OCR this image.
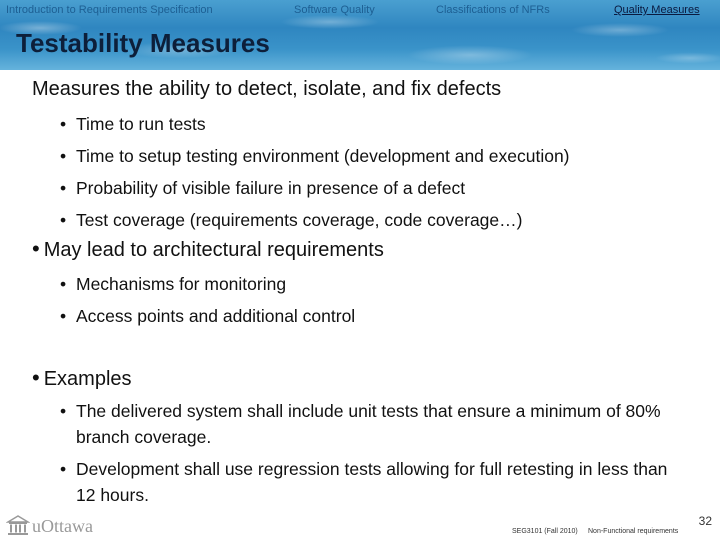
Introduction to Requirements Specification	Software Quality	Classifications of NFRs	Quality Measures
Testability Measures
Measures the ability to detect, isolate, and fix defects
• Time to run tests
• Time to setup testing environment (development and execution)
• Probability of visible failure in presence of a defect
• Test coverage (requirements coverage, code coverage…)
• May lead to architectural requirements
• Mechanisms for monitoring
• Access points and additional control
• Examples
• The delivered system shall include unit tests that ensure a minimum of 80% branch coverage.
• Development shall use regression tests allowing for full retesting in less than 12 hours.
uOttawa	SEG3101 (Fall 2010) Non-Functional requirements
32
